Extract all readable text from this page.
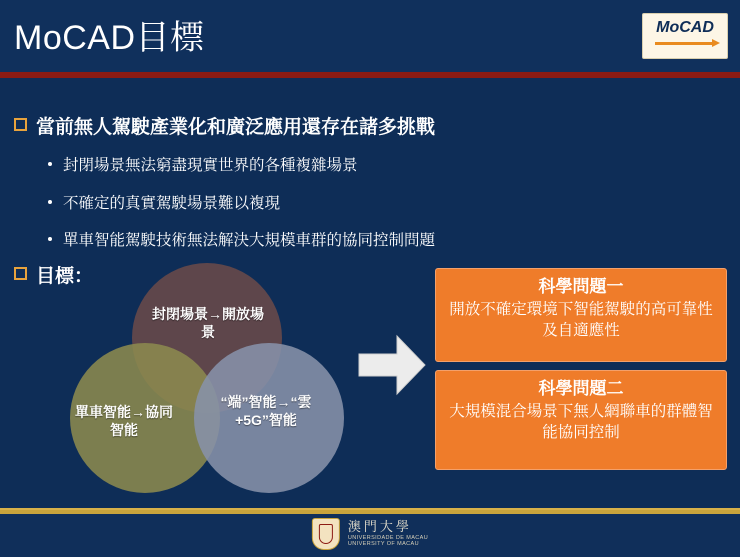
MoCAD目標	MoCAD
當前無人駕駛產業化和廣泛應用還存在諸多挑戰
封閉場景無法窮盡現實世界的各種複雜場景
不確定的真實駕駛場景難以複現
單車智能駕駛技術無法解決大規模車群的協同控制問題
目標：
封閉場景→開放場景
單車智能→協同智能
“端”智能→“雲+5G”智能
科學問題一
開放不確定環境下智能駕駛的高可靠性及自適應性
科學問題二
大規模混合場景下無人網聯車的群體智能協同控制
澳門大學
UNIVERSIDADE DE MACAU
UNIVERSITY OF MACAU
